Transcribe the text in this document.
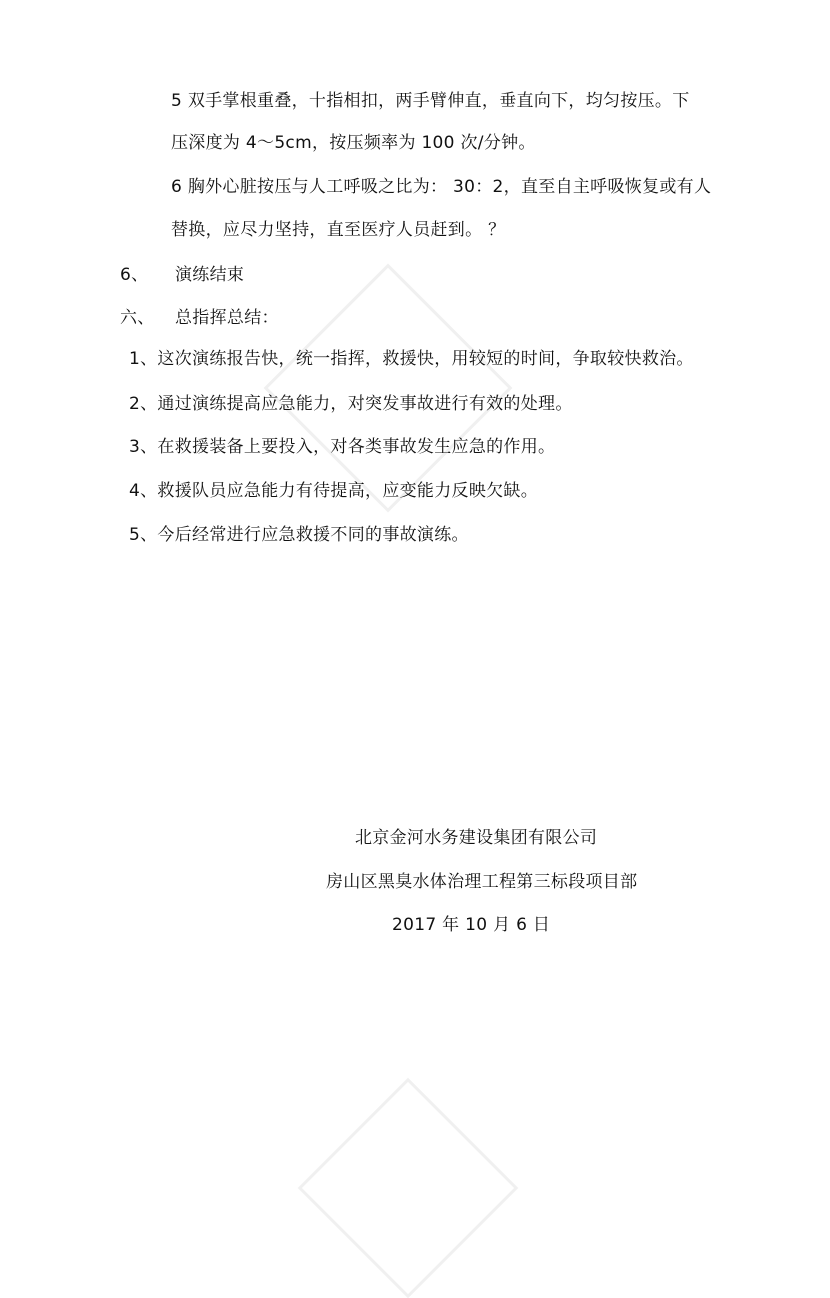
5 双手掌根重叠，十指相扣，两手臂伸直，垂直向下，均匀按压。下
压深度为 4～5cm，按压频率为 100 次/分钟。
6 胸外心脏按压与人工呼吸之比为： 30：2，直至自主呼吸恢复或有人
替换，应尽力坚持，直至医疗人员赶到。 ？
6、 演练结束
六、 总指挥总结：
1、这次演练报告快，统一指挥，救援快，用较短的时间，争取较快救治。
2、通过演练提高应急能力，对突发事故进行有效的处理。
3、在救援装备上要投入，对各类事故发生应急的作用。
4、救援队员应急能力有待提高，应变能力反映欠缺。
5、今后经常进行应急救援不同的事故演练。
北京金河水务建设集团有限公司
房山区黑臭水体治理工程第三标段项目部
2017 年 10 月 6 日
